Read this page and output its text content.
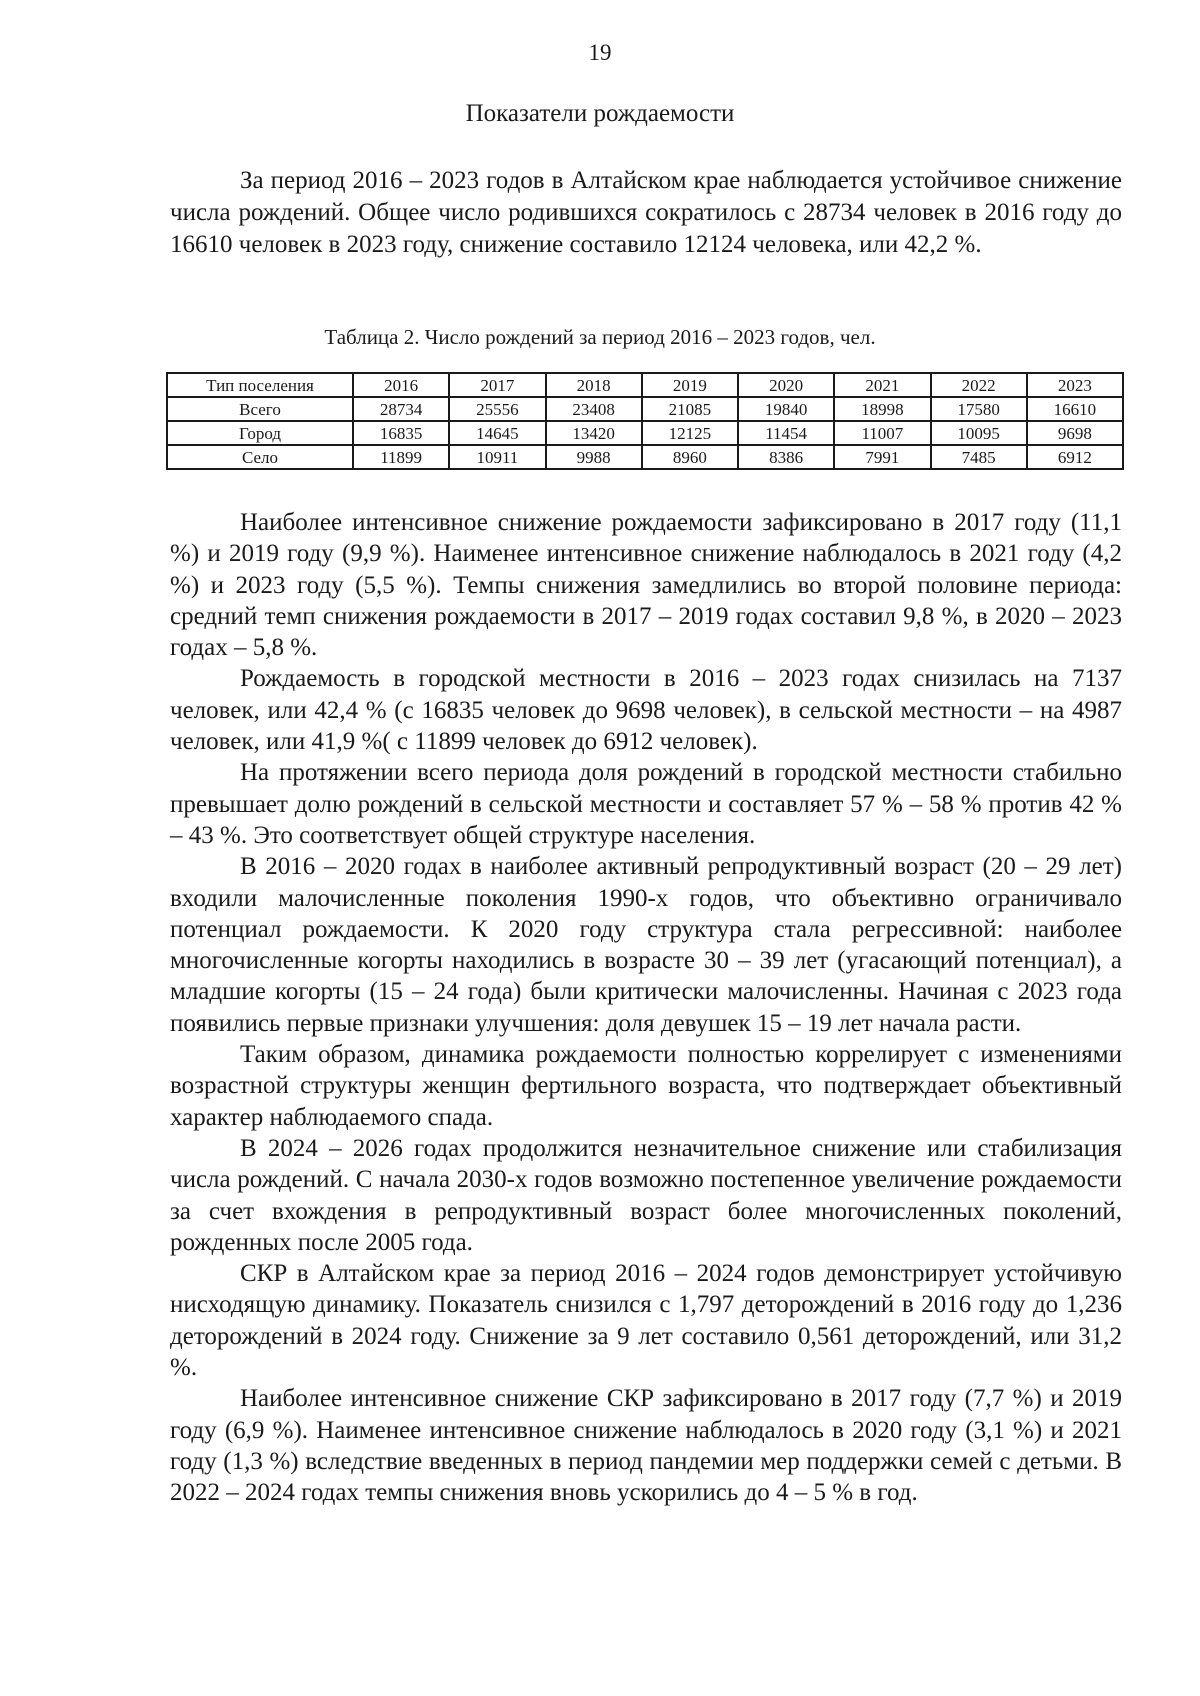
19
Показатели рождаемости

За период 2016 – 2023 годов в Алтайском крае наблюдается устойчивое снижение числа рождений. Общее число родившихся сократилось с 28734 человек в 2016 году до 16610 человек в 2023 году, снижение составило 12124 человека, или 42,2 %.

Таблица 2. Число рождений за период 2016 – 2023 годов, чел.
Тип поселения	2016	2017	2018	2019	2020	2021	2022	2023
Всего	28734	25556	23408	21085	19840	18998	17580	16610
Город	16835	14645	13420	12125	11454	11007	10095	9698
Село	11899	10911	9988	8960	8386	7991	7485	6912

Наиболее интенсивное снижение рождаемости зафиксировано в 2017 году (11,1 %) и 2019 году (9,9 %). Наименее интенсивное снижение наблюдалось в 2021 году (4,2 %) и 2023 году (5,5 %). Темпы снижения замедлились во второй половине периода: средний темп снижения рождаемости в 2017 – 2019 годах составил 9,8 %, в 2020 – 2023 годах – 5,8 %.

Рождаемость в городской местности в 2016 – 2023 годах снизилась на 7137 человек, или 42,4 % (с 16835 человек до 9698 человек), в сельской местности – на 4987 человек, или 41,9 %( с 11899 человек до 6912 человек).

На протяжении всего периода доля рождений в городской местности стабильно превышает долю рождений в сельской местности и составляет 57 % – 58 % против 42 % – 43 %. Это соответствует общей структуре населения.

В 2016 – 2020 годах в наиболее активный репродуктивный возраст (20 – 29 лет) входили малочисленные поколения 1990-х годов, что объективно ограничивало потенциал рождаемости. К 2020 году структура стала регрессивной: наиболее многочисленные когорты находились в возрасте 30 – 39 лет (угасающий потенциал), а младшие когорты (15 – 24 года) были критически малочисленны. Начиная с 2023 года появились первые признаки улучшения: доля девушек 15 – 19 лет начала расти.

Таким образом, динамика рождаемости полностью коррелирует с изменениями возрастной структуры женщин фертильного возраста, что подтверждает объективный характер наблюдаемого спада.

В 2024 – 2026 годах продолжится незначительное снижение или стабилизация числа рождений. С начала 2030-х годов возможно постепенное увеличение рождаемости за счет вхождения в репродуктивный возраст более многочисленных поколений, рожденных после 2005 года.

СКР в Алтайском крае за период 2016 – 2024 годов демонстрирует устойчивую нисходящую динамику. Показатель снизился с 1,797 деторождений в 2016 году до 1,236 деторождений в 2024 году. Снижение за 9 лет составило 0,561 деторождений, или 31,2 %.

Наиболее интенсивное снижение СКР зафиксировано в 2017 году (7,7 %) и 2019 году (6,9 %). Наименее интенсивное снижение наблюдалось в 2020 году (3,1 %) и 2021 году (1,3 %) вследствие введенных в период пандемии мер поддержки семей с детьми. В 2022 – 2024 годах темпы снижения вновь ускорились до 4 – 5 % в год.
